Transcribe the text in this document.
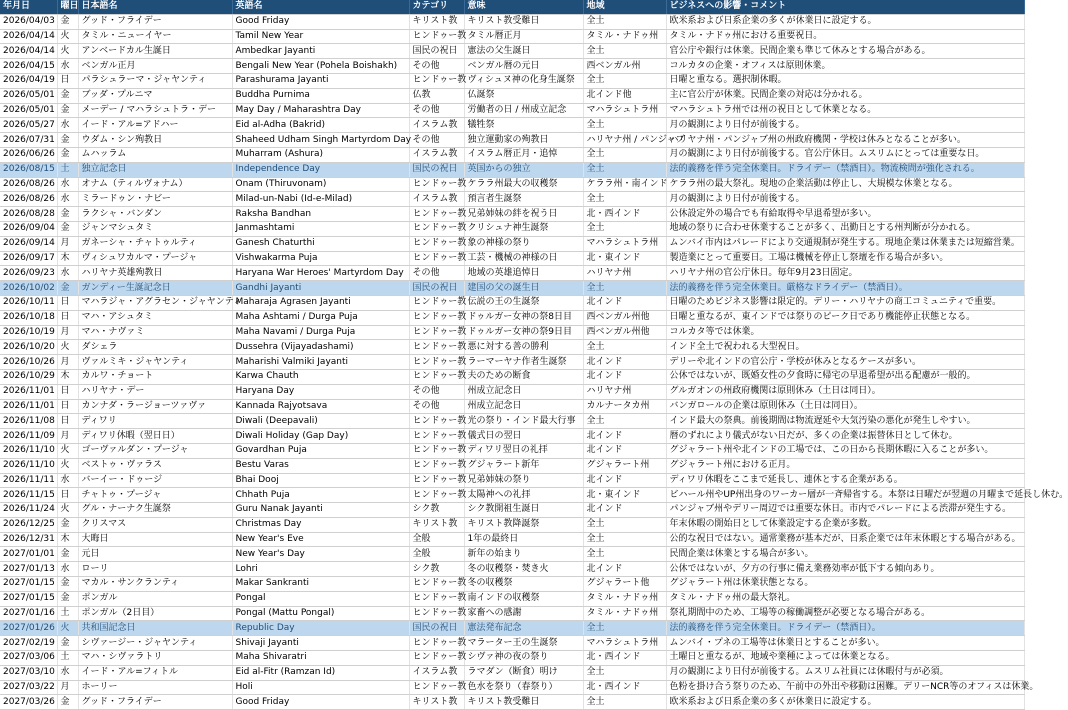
年月日	曜日	日本語名	英語名	カテゴリ	意味	地域	ビジネスへの影響・コメント
2026/04/03	金	グッド・フライデー	Good Friday	キリスト教	キリスト教受難日	全土	欧米系および日系企業の多くが休業日に設定する。
2026/04/14	火	タミル・ニューイヤー	Tamil New Year	ヒンドゥー教	タミル暦正月	タミル・ナドゥ州	タミル・ナドゥ州における重要祝日。
2026/04/14	火	アンベードカル生誕日	Ambedkar Jayanti	国民の祝日	憲法の父生誕日	全土	官公庁や銀行は休業。民間企業も準じて休みとする場合がある。
2026/04/15	水	ベンガル正月	Bengali New Year (Pohela Boishakh)	その他	ベンガル暦の元日	西ベンガル州	コルカタの企業・オフィスは原則休業。
2026/04/19	日	パラシュラーマ・ジャヤンティ	Parashurama Jayanti	ヒンドゥー教	ヴィシュヌ神の化身生誕祭	全土	日曜と重なる。選択制休暇。
2026/05/01	金	ブッダ・プルニマ	Buddha Purnima	仏教	仏誕祭	北インド他	主に官公庁が休業。民間企業の対応は分かれる。
2026/05/01	金	メーデー / マハラシュトラ・デー	May Day / Maharashtra Day	その他	労働者の日 / 州成立記念	マハラシュトラ州	マハラシュトラ州では州の祝日として休業となる。
2026/05/27	水	イード・アル=アドハー	Eid al-Adha (Bakrid)	イスラム教	犠牲祭	全土	月の観測により日付が前後する。
2026/07/31	金	ウダム・シン殉教日	Shaheed Udham Singh Martyrdom Day	その他	独立運動家の殉教日	ハリヤナ州 / パンジャブ	ハリヤナ州・パンジャブ州の州政府機関・学校は休みとなることが多い。
2026/06/26	金	ムハッラム	Muharram (Ashura)	イスラム教	イスラム暦正月・追悼	全土	月の観測により日付が前後する。官公庁休日。ムスリムにとっては重要な日。
2026/08/15	土	独立記念日	Independence Day	国民の祝日	英国からの独立	全土	法的義務を伴う完全休業日。ドライデー（禁酒日）。物流検問が強化される。
2026/08/26	水	オナム（ティルヴォナム）	Onam (Thiruvonam)	ヒンドゥー教	ケララ州最大の収穫祭	ケララ州・南インド	ケララ州の最大祭礼。現地の企業活動は停止し、大規模な休業となる。
2026/08/26	水	ミラードゥン・ナビー	Milad-un-Nabi (Id-e-Milad)	イスラム教	預言者生誕祭	全土	月の観測により日付が前後する。
2026/08/28	金	ラクシャ・バンダン	Raksha Bandhan	ヒンドゥー教	兄弟姉妹の絆を祝う日	北・西インド	公休設定外の場合でも有給取得や早退希望が多い。
2026/09/04	金	ジャンマシュタミ	Janmashtami	ヒンドゥー教	クリシュナ神生誕祭	全土	地域の祭りに合わせ休業することが多く、出勤日とする州判断が分かれる。
2026/09/14	月	ガネーシャ・チャトゥルティ	Ganesh Chaturthi	ヒンドゥー教	象の神様の祭り	マハラシュトラ州	ムンバイ市内はパレードにより交通規制が発生する。現地企業は休業または短縮営業。
2026/09/17	木	ヴィシュワカルマ・プージャ	Vishwakarma Puja	ヒンドゥー教	工芸・機械の神様の日	北・東インド	製造業にとって重要日。工場は機械を停止し祭壇を作る場合が多い。
2026/09/23	水	ハリヤナ英雄殉教日	Haryana War Heroes' Martyrdom Day	その他	地域の英雄追悼日	ハリヤナ州	ハリヤナ州の官公庁休日。毎年9月23日固定。
2026/10/02	金	ガンディー生誕記念日	Gandhi Jayanti	国民の祝日	建国の父の誕生日	全土	法的義務を伴う完全休業日。厳格なドライデー（禁酒日）。
2026/10/11	日	マハラジャ・アグラセン・ジャヤンティ	Maharaja Agrasen Jayanti	ヒンドゥー教	伝説の王の生誕祭	北インド	日曜のためビジネス影響は限定的。デリー・ハリヤナの商工コミュニティで重要。
2026/10/18	日	マハ・アシュタミ	Maha Ashtami / Durga Puja	ヒンドゥー教	ドゥルガー女神の祭8日目	西ベンガル州他	日曜と重なるが、東インドでは祭りのピーク日であり機能停止状態となる。
2026/10/19	月	マハ・ナヴァミ	Maha Navami / Durga Puja	ヒンドゥー教	ドゥルガー女神の祭9日目	西ベンガル州他	コルカタ等では休業。
2026/10/20	火	ダシェラ	Dussehra (Vijayadashami)	ヒンドゥー教	悪に対する善の勝利	全土	インド全土で祝われる大型祝日。
2026/10/26	月	ヴァルミキ・ジャヤンティ	Maharishi Valmiki Jayanti	ヒンドゥー教	ラーマーヤナ作者生誕祭	北インド	デリーや北インドの官公庁・学校が休みとなるケースが多い。
2026/10/29	木	カルワ・チョート	Karwa Chauth	ヒンドゥー教	夫のための断食	北インド	公休ではないが、既婚女性の夕食時に帰宅の早退希望が出る配慮が一般的。
2026/11/01	日	ハリヤナ・デー	Haryana Day	その他	州成立記念日	ハリヤナ州	グルガオンの州政府機関は原則休み（土日は同日）。
2026/11/01	日	カンナダ・ラージョーツァヴァ	Kannada Rajyotsava	その他	州成立記念日	カルナータカ州	バンガロールの企業は原則休み（土日は同日）。
2026/11/08	日	ディワリ	Diwali (Deepavali)	ヒンドゥー教	光の祭り・インド最大行事	全土	インド最大の祭典。前後期間は物流遅延や大気汚染の悪化が発生しやすい。
2026/11/09	月	ディワリ休暇（翌日日）	Diwali Holiday (Gap Day)	ヒンドゥー教	儀式日の翌日	北インド	暦のずれにより儀式がない日だが、多くの企業は振替休日として休む。
2026/11/10	火	ゴーヴァルダン・プージャ	Govardhan Puja	ヒンドゥー教	ディワリ翌日の礼拝	北インド	グジャラート州や北インドの工場では、この日から長期休暇に入ることが多い。
2026/11/10	火	ベストゥ・ヴァラス	Bestu Varas	ヒンドゥー教	グジャラート新年	グジャラート州	グジャラート州における正月。
2026/11/11	水	バーイー・ドゥージ	Bhai Dooj	ヒンドゥー教	兄弟姉妹の祭り	北インド	ディワリ休暇をここまで延長し、連休とする企業がある。
2026/11/15	日	チャトゥ・プージャ	Chhath Puja	ヒンドゥー教	太陽神への礼拝	北・東インド	ビハール州やUP州出身のワーカー層が一斉帰省する。本祭は日曜だが翌週の月曜まで延長し休む。
2026/11/24	火	グル・ナーナク生誕祭	Guru Nanak Jayanti	シク教	シク教開祖生誕日	北インド	パンジャブ州やデリー周辺では重要な休日。市内でパレードによる渋滞が発生する。
2026/12/25	金	クリスマス	Christmas Day	キリスト教	キリスト教降誕祭	全土	年末休暇の開始日として休業設定する企業が多数。
2026/12/31	木	大晦日	New Year's Eve	全般	1年の最終日	全土	公的な祝日ではない。通常業務が基本だが、日系企業では年末休暇とする場合がある。
2027/01/01	金	元日	New Year's Day	全般	新年の始まり	全土	民間企業は休業とする場合が多い。
2027/01/13	水	ローリ	Lohri	シク教	冬の収穫祭・焚き火	北インド	公休ではないが、夕方の行事に備え業務効率が低下する傾向あり。
2027/01/15	金	マカル・サンクランティ	Makar Sankranti	ヒンドゥー教	冬の収穫祭	グジャラート他	グジャラート州は休業状態となる。
2027/01/15	金	ポンガル	Pongal	ヒンドゥー教	南インドの収穫祭	タミル・ナドゥ州	タミル・ナドゥ州の最大祭礼。
2027/01/16	土	ポンガル（2日目）	Pongal (Mattu Pongal)	ヒンドゥー教	家畜への感謝	タミル・ナドゥ州	祭礼期間中のため、工場等の稼働調整が必要となる場合がある。
2027/01/26	火	共和国記念日	Republic Day	国民の祝日	憲法発布記念	全土	法的義務を伴う完全休業日。ドライデー（禁酒日）。
2027/02/19	金	シヴァージー・ジャヤンティ	Shivaji Jayanti	ヒンドゥー教	マラーター王の生誕祭	マハラシュトラ州	ムンバイ・プネの工場等は休業日とすることが多い。
2027/03/06	土	マハ・シヴァラトリ	Maha Shivaratri	ヒンドゥー教	シヴァ神の夜の祭り	北・西インド	土曜日と重なるが、地域や業種によっては休業となる。
2027/03/10	水	イード・アル=フィトル	Eid al-Fitr (Ramzan Id)	イスラム教	ラマダン（断食）明け	全土	月の観測により日付が前後する。ムスリム社員には休暇付与が必須。
2027/03/22	月	ホーリー	Holi	ヒンドゥー教	色水を祭り（春祭り）	北・西インド	色粉を掛け合う祭りのため、午前中の外出や移動は困難。デリーNCR等のオフィスは休業。
2027/03/26	金	グッド・フライデー	Good Friday	キリスト教	キリスト教受難日	全土	欧米系および日系企業の多くが休業日に設定する。
